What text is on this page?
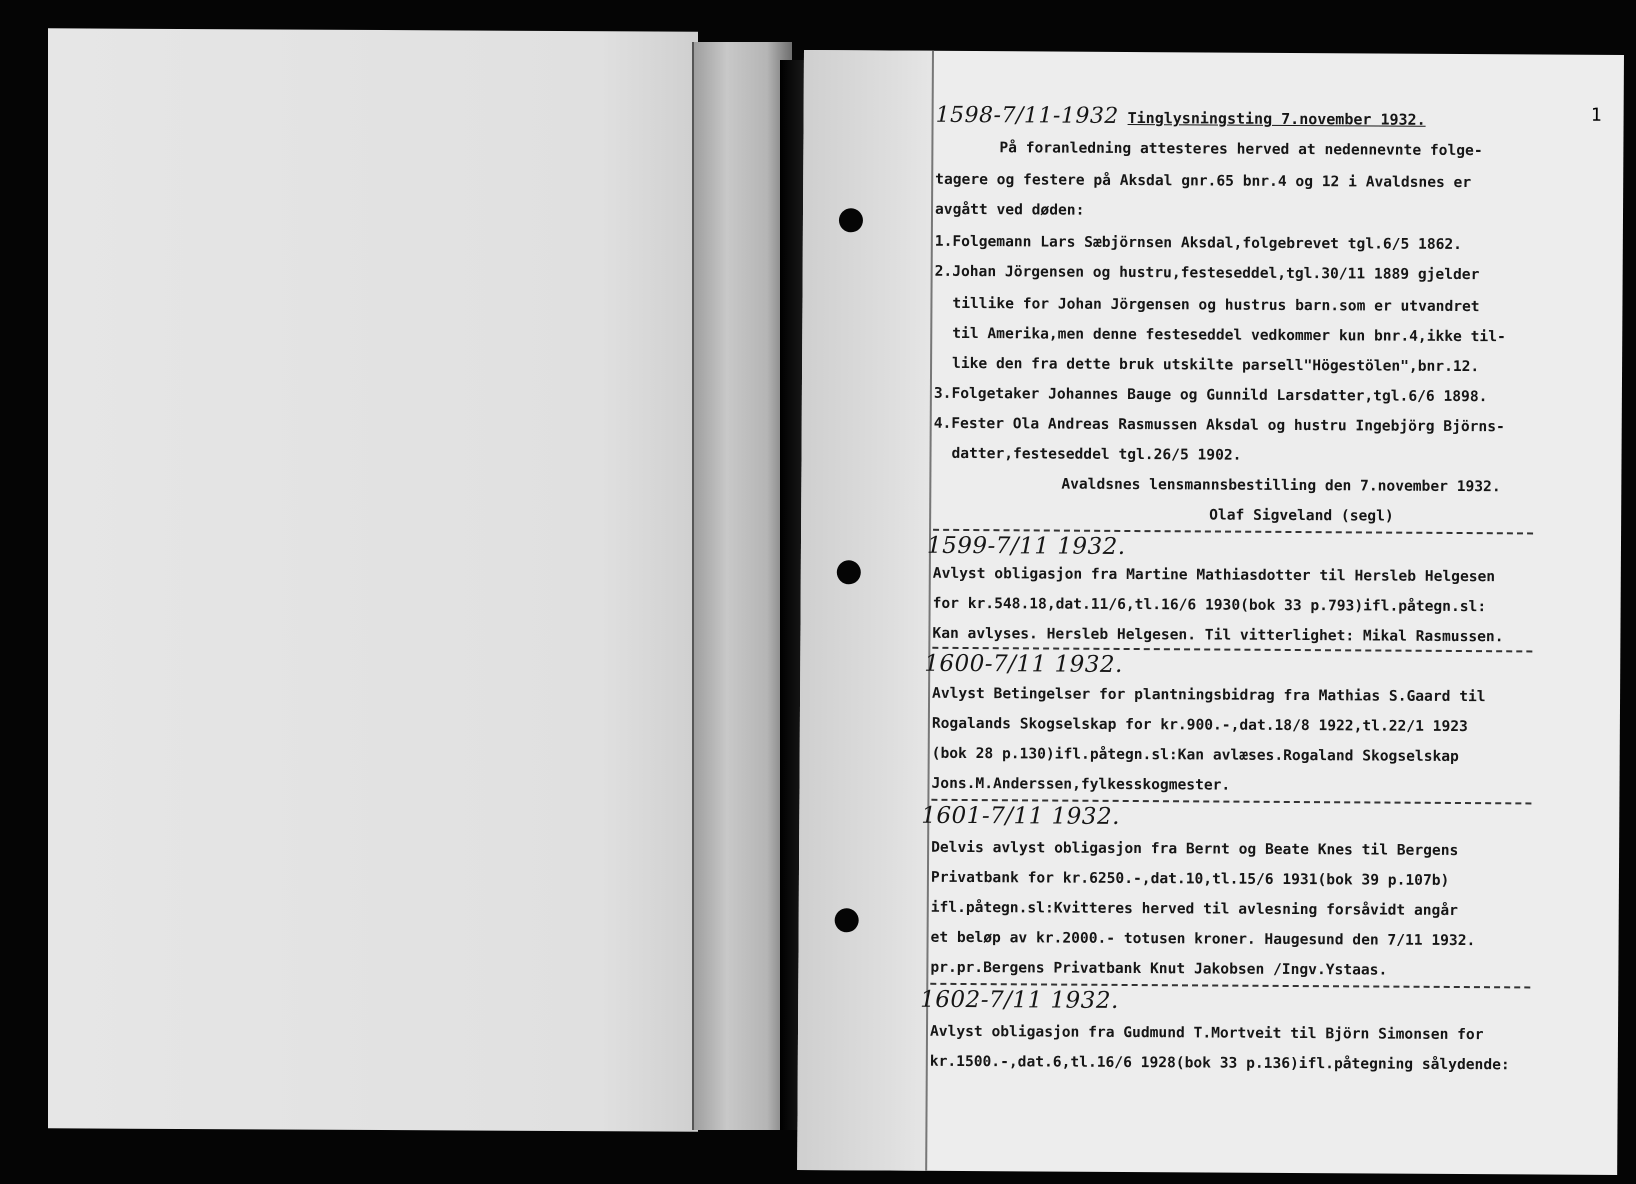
1
1598-7/11-1932 Tinglysningsting 7.november 1932.
På foranledning attesteres herved at nedennevnte folge-
tagere og festere på Aksdal gnr.65 bnr.4 og 12 i Avaldsnes er
avgått ved døden:
1.Folgemann Lars Sæbjörnsen Aksdal,folgebrevet tgl.6/5 1862.
2.Johan Jörgensen og hustru,festeseddel,tgl.30/11 1889 gjelder
tillike for Johan Jörgensen og hustrus barn.som er utvandret
til Amerika,men denne festeseddel vedkommer kun bnr.4,ikke til-
like den fra dette bruk utskilte parsell"Högestölen",bnr.12.
3.Folgetaker Johannes Bauge og Gunnild Larsdatter,tgl.6/6 1898.
4.Fester Ola Andreas Rasmussen Aksdal og hustru Ingebjörg Björns-
datter,festeseddel tgl.26/5 1902.
Avaldsnes lensmannsbestilling den 7.november 1932.
Olaf Sigveland (segl)
1599-7/11 1932.
Avlyst obligasjon fra Martine Mathiasdotter til Hersleb Helgesen
for kr.548.18,dat.11/6,tl.16/6 1930(bok 33 p.793)ifl.påtegn.sl:
Kan avlyses. Hersleb Helgesen. Til vitterlighet: Mikal Rasmussen.
1600-7/11 1932.
Avlyst Betingelser for plantningsbidrag fra Mathias S.Gaard til
Rogalands Skogselskap for kr.900.-,dat.18/8 1922,tl.22/1 1923
(bok 28 p.130)ifl.påtegn.sl:Kan avlæses.Rogaland Skogselskap
Jons.M.Anderssen,fylkesskogmester.
1601-7/11 1932.
Delvis avlyst obligasjon fra Bernt og Beate Knes til Bergens
Privatbank for kr.6250.-,dat.10,tl.15/6 1931(bok 39 p.107b)
ifl.påtegn.sl:Kvitteres herved til avlesning forsåvidt angår
et beløp av kr.2000.- totusen kroner. Haugesund den 7/11 1932.
pr.pr.Bergens Privatbank Knut Jakobsen /Ingv.Ystaas.
1602-7/11 1932.
Avlyst obligasjon fra Gudmund T.Mortveit til Björn Simonsen for
kr.1500.-,dat.6,tl.16/6 1928(bok 33 p.136)ifl.påtegning sålydende:
